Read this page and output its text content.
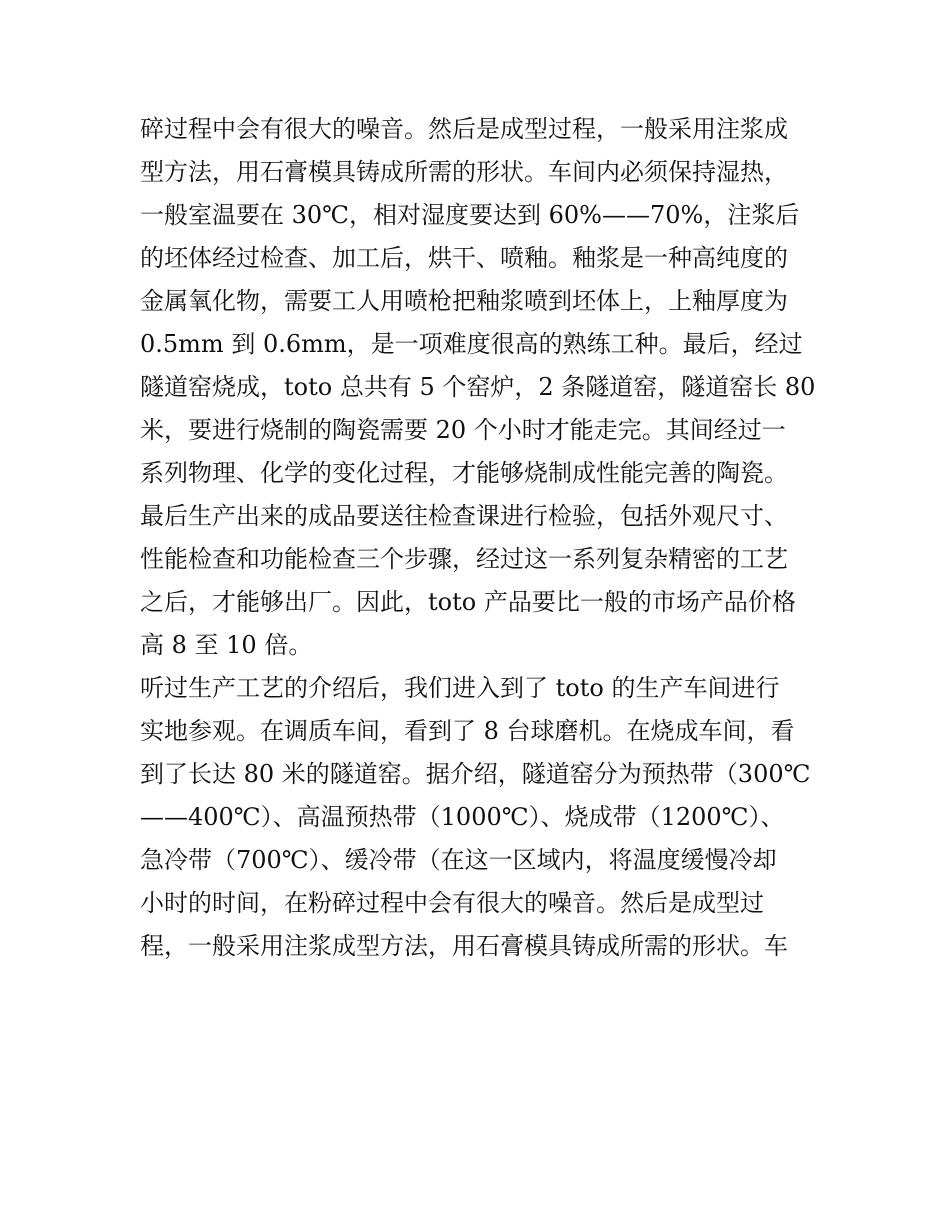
碎过程中会有很大的噪音。然后是成型过程，一般采用注浆成
型方法，用石膏模具铸成所需的形状。车间内必须保持湿热，
一般室温要在 30℃，相对湿度要达到 60%——70%，注浆后
的坯体经过检查、加工后，烘干、喷釉。釉浆是一种高纯度的
金属氧化物，需要工人用喷枪把釉浆喷到坯体上，上釉厚度为
0.5mm 到 0.6mm，是一项难度很高的熟练工种。最后，经过
隧道窑烧成，toto 总共有 5 个窑炉，2 条隧道窑，隧道窑长 80
米，要进行烧制的陶瓷需要 20 个小时才能走完。其间经过一
系列物理、化学的变化过程，才能够烧制成性能完善的陶瓷。
最后生产出来的成品要送往检查课进行检验，包括外观尺寸、
性能检查和功能检查三个步骤，经过这一系列复杂精密的工艺
之后，才能够出厂。因此，toto 产品要比一般的市场产品价格
高 8 至 10 倍。
听过生产工艺的介绍后，我们进入到了 toto 的生产车间进行
实地参观。在调质车间，看到了 8 台球磨机。在烧成车间，看
到了长达 80 米的隧道窑。据介绍，隧道窑分为预热带（300℃
——400℃）、高温预热带（1000℃）、烧成带（1200℃）、
急冷带（700℃）、缓冷带（在这一区域内，将温度缓慢冷却
小时的时间，在粉碎过程中会有很大的噪音。然后是成型过
程，一般采用注浆成型方法，用石膏模具铸成所需的形状。车
